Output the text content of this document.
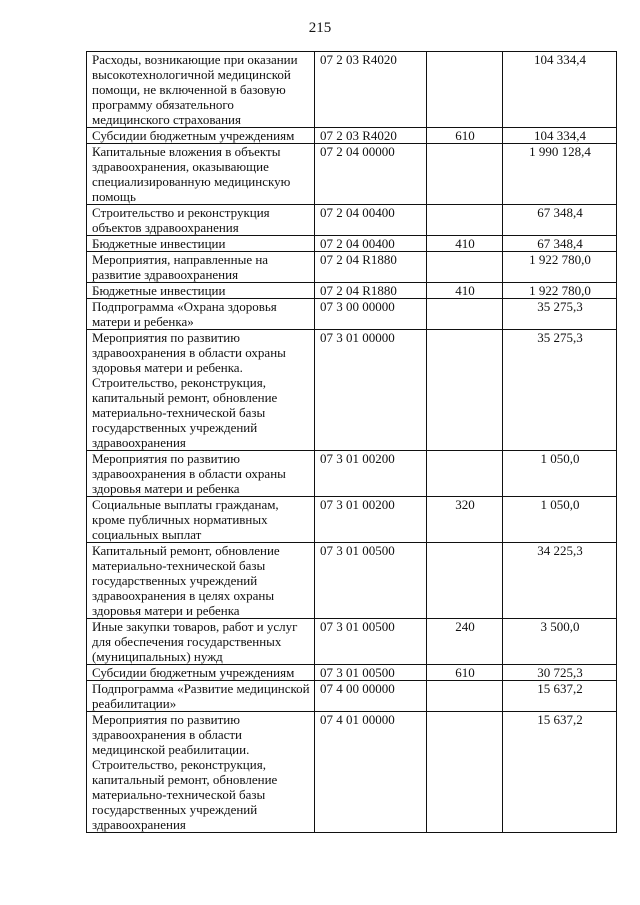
215
Расходы, возникающие при оказании высокотехнологичной медицинской помощи, не включенной в базовую программу обязательного медицинского страхования	07 2 03 R4020		104 334,4
Субсидии бюджетным учреждениям	07 2 03 R4020	610	104 334,4
Капитальные вложения в объекты здравоохранения, оказывающие специализированную медицинскую помощь	07 2 04 00000		1 990 128,4
Строительство и реконструкция объектов здравоохранения	07 2 04 00400		67 348,4
Бюджетные инвестиции	07 2 04 00400	410	67 348,4
Мероприятия, направленные на развитие здравоохранения	07 2 04 R1880		1 922 780,0
Бюджетные инвестиции	07 2 04 R1880	410	1 922 780,0
Подпрограмма «Охрана здоровья матери и ребенка»	07 3 00 00000		35 275,3
Мероприятия по развитию здравоохранения в области охраны здоровья матери и ребенка. Строительство, реконструкция, капитальный ремонт, обновление материально-технической базы государственных учреждений здравоохранения	07 3 01 00000		35 275,3
Мероприятия по развитию здравоохранения в области охраны здоровья матери и ребенка	07 3 01 00200		1 050,0
Социальные выплаты гражданам, кроме публичных нормативных социальных выплат	07 3 01 00200	320	1 050,0
Капитальный ремонт, обновление материально-технической базы государственных учреждений здравоохранения в целях охраны здоровья матери и ребенка	07 3 01 00500		34 225,3
Иные закупки товаров, работ и услуг для обеспечения государственных (муниципальных) нужд	07 3 01 00500	240	3 500,0
Субсидии бюджетным учреждениям	07 3 01 00500	610	30 725,3
Подпрограмма «Развитие медицинской реабилитации»	07 4 00 00000		15 637,2
Мероприятия по развитию здравоохранения в области медицинской реабилитации. Строительство, реконструкция, капитальный ремонт, обновление материально-технической базы государственных учреждений здравоохранения	07 4 01 00000		15 637,2
